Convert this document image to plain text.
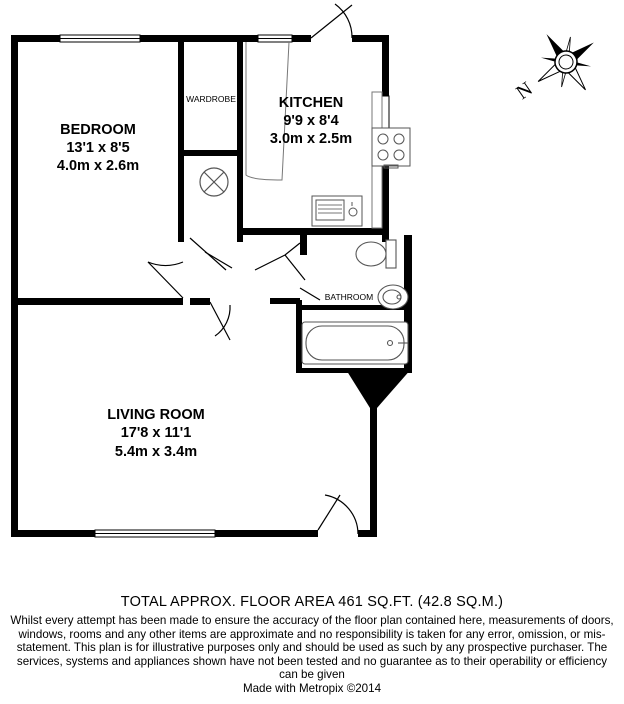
BEDROOM
13'1 x 8'5
4.0m x 2.6m
KITCHEN
9'9 x 8'4
3.0m x 2.5m
LIVING ROOM
17'8 x 11'1
5.4m x 3.4m
WARDROBE
BATHROOM
N
TOTAL APPROX. FLOOR AREA 461 SQ.FT. (42.8 SQ.M.)
Whilst every attempt has been made to ensure the accuracy of the floor plan contained here, measurements of doors, windows, rooms and any other items are approximate and no responsibility is taken for any error, omission, or mis-statement. This plan is for illustrative purposes only and should be used as such by any prospective purchaser. The services, systems and appliances shown have not been tested and no guarantee as to their operability or efficiency can be given
Made with Metropix ©2014
